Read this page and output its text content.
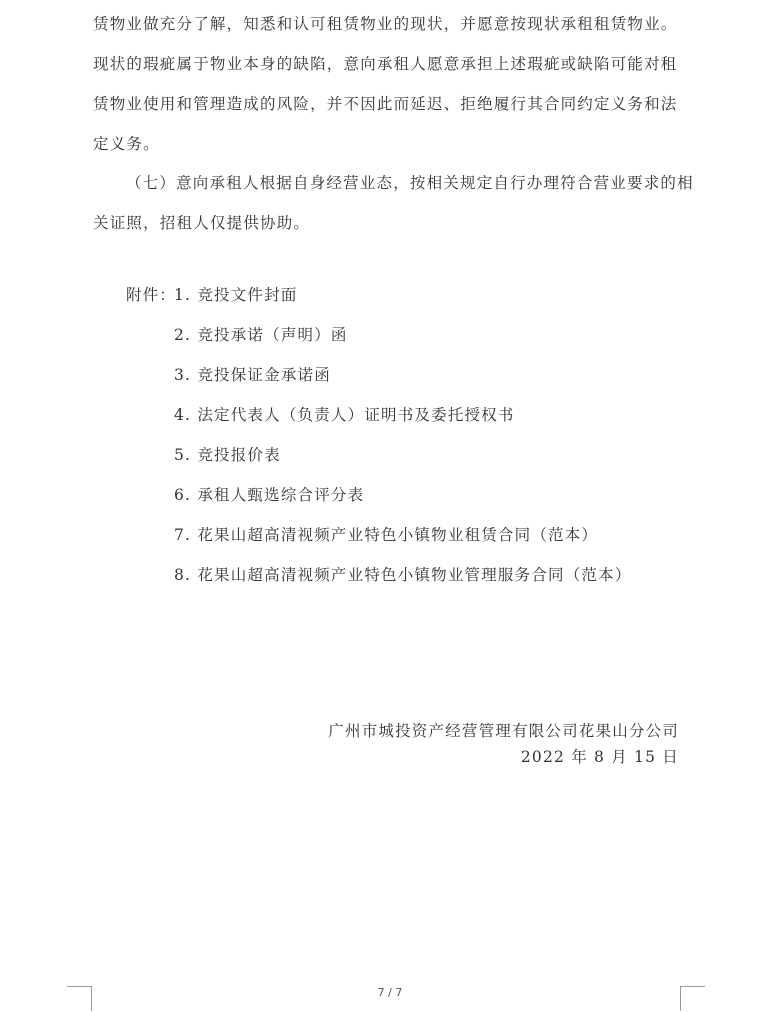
赁物业做充分了解，知悉和认可租赁物业的现状，并愿意按现状承租租赁物业。
现状的瑕疵属于物业本身的缺陷，意向承租人愿意承担上述瑕疵或缺陷可能对租
赁物业使用和管理造成的风险，并不因此而延迟、拒绝履行其合同约定义务和法
定义务。

（七）意向承租人根据自身经营业态，按相关规定自行办理符合营业要求的相
关证照，招租人仅提供协助。

附件：
1. 竞投文件封面
2. 竞投承诺（声明）函
3. 竞投保证金承诺函
4. 法定代表人（负责人）证明书及委托授权书
5. 竞投报价表
6. 承租人甄选综合评分表
7. 花果山超高清视频产业特色小镇物业租赁合同（范本）
8. 花果山超高清视频产业特色小镇物业管理服务合同（范本）
广州市城投资产经营管理有限公司花果山分公司
2022 年 8 月 15 日
7 / 7
